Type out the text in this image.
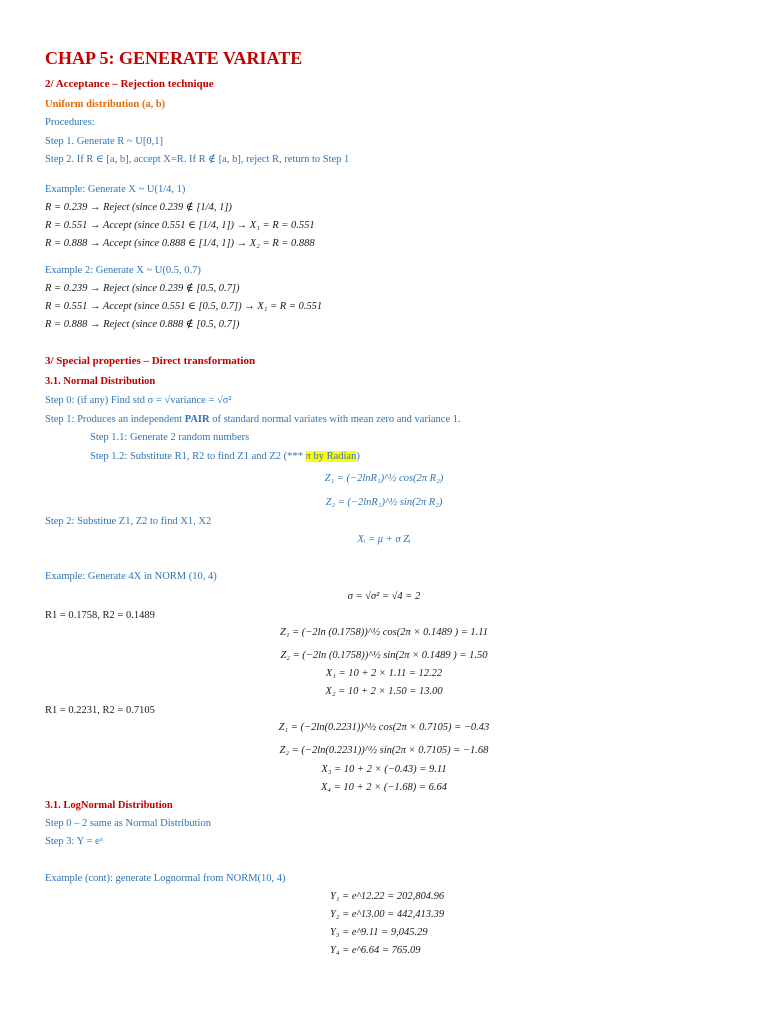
CHAP 5: GENERATE VARIATE
2/ Acceptance – Rejection technique
Uniform distribution (a, b)
Procedures:
Step 1. Generate R ~ U[0,1]
Step 2. If R ∈ [a, b], accept X=R. If R ∉ [a, b], reject R, return to Step 1
Example: Generate X ~ U(1/4, 1)
R = 0.239 → Reject (since 0.239 ∉ [1/4, 1])
R = 0.551 → Accept (since 0.551 ∈ [1/4, 1]) → X₁ = R = 0.551
R = 0.888 → Accept (since 0.888 ∈ [1/4, 1]) → X₂ = R = 0.888
Example 2: Generate X ~ U(0.5, 0.7)
R = 0.239 → Reject (since 0.239 ∉ [0.5, 0.7])
R = 0.551 → Accept (since 0.551 ∈ [0.5, 0.7]) → X₁ = R = 0.551
R = 0.888 → Reject (since 0.888 ∉ [0.5, 0.7])
3/ Special properties – Direct transformation
3.1. Normal Distribution
Step 0: (if any) Find std σ = √variance = √σ²
Step 1: Produces an independent PAIR of standard normal variates with mean zero and variance 1.
Step 1.1: Generate 2 random numbers
Step 1.2: Substitute R1, R2 to find Z1 and Z2 (*** π by Radian)
Z₁ = (−2lnR₁)^½ cos(2π R₂)
Z₂ = (−2lnR₁)^½ sin(2π R₂)
Step 2: Substitue Z1, Z2 to find X1, X2
Xᵢ = μ + σ Zᵢ
Example: Generate 4X in NORM (10, 4)
σ = √σ² = √4 = 2
R1 = 0.1758, R2 = 0.1489
Z₁ = (−2ln (0.1758))^½ cos(2π × 0.1489 ) = 1.11
Z₂ = (−2ln (0.1758))^½ sin(2π × 0.1489 ) = 1.50
X₁ = 10 + 2 × 1.11 = 12.22
X₂ = 10 + 2 × 1.50 = 13.00
R1 = 0.2231, R2 = 0.7105
Z₁ = (−2ln(0.2231))^½ cos(2π × 0.7105) = −0.43
Z₂ = (−2ln(0.2231))^½ sin(2π × 0.7105) = −1.68
X₃ = 10 + 2 × (−0.43) = 9.11
X₄ = 10 + 2 × (−1.68) = 6.64
3.1. LogNormal Distribution
Step 0 – 2 same as Normal Distribution
Step 3: Y = eˣ
Example (cont): generate Lognormal from NORM(10, 4)
Y₁ = e^12.22 = 202,804.96
Y₂ = e^13.00 = 442,413.39
Y₃ = e^9.11 = 9,045.29
Y₄ = e^6.64 = 765.09
